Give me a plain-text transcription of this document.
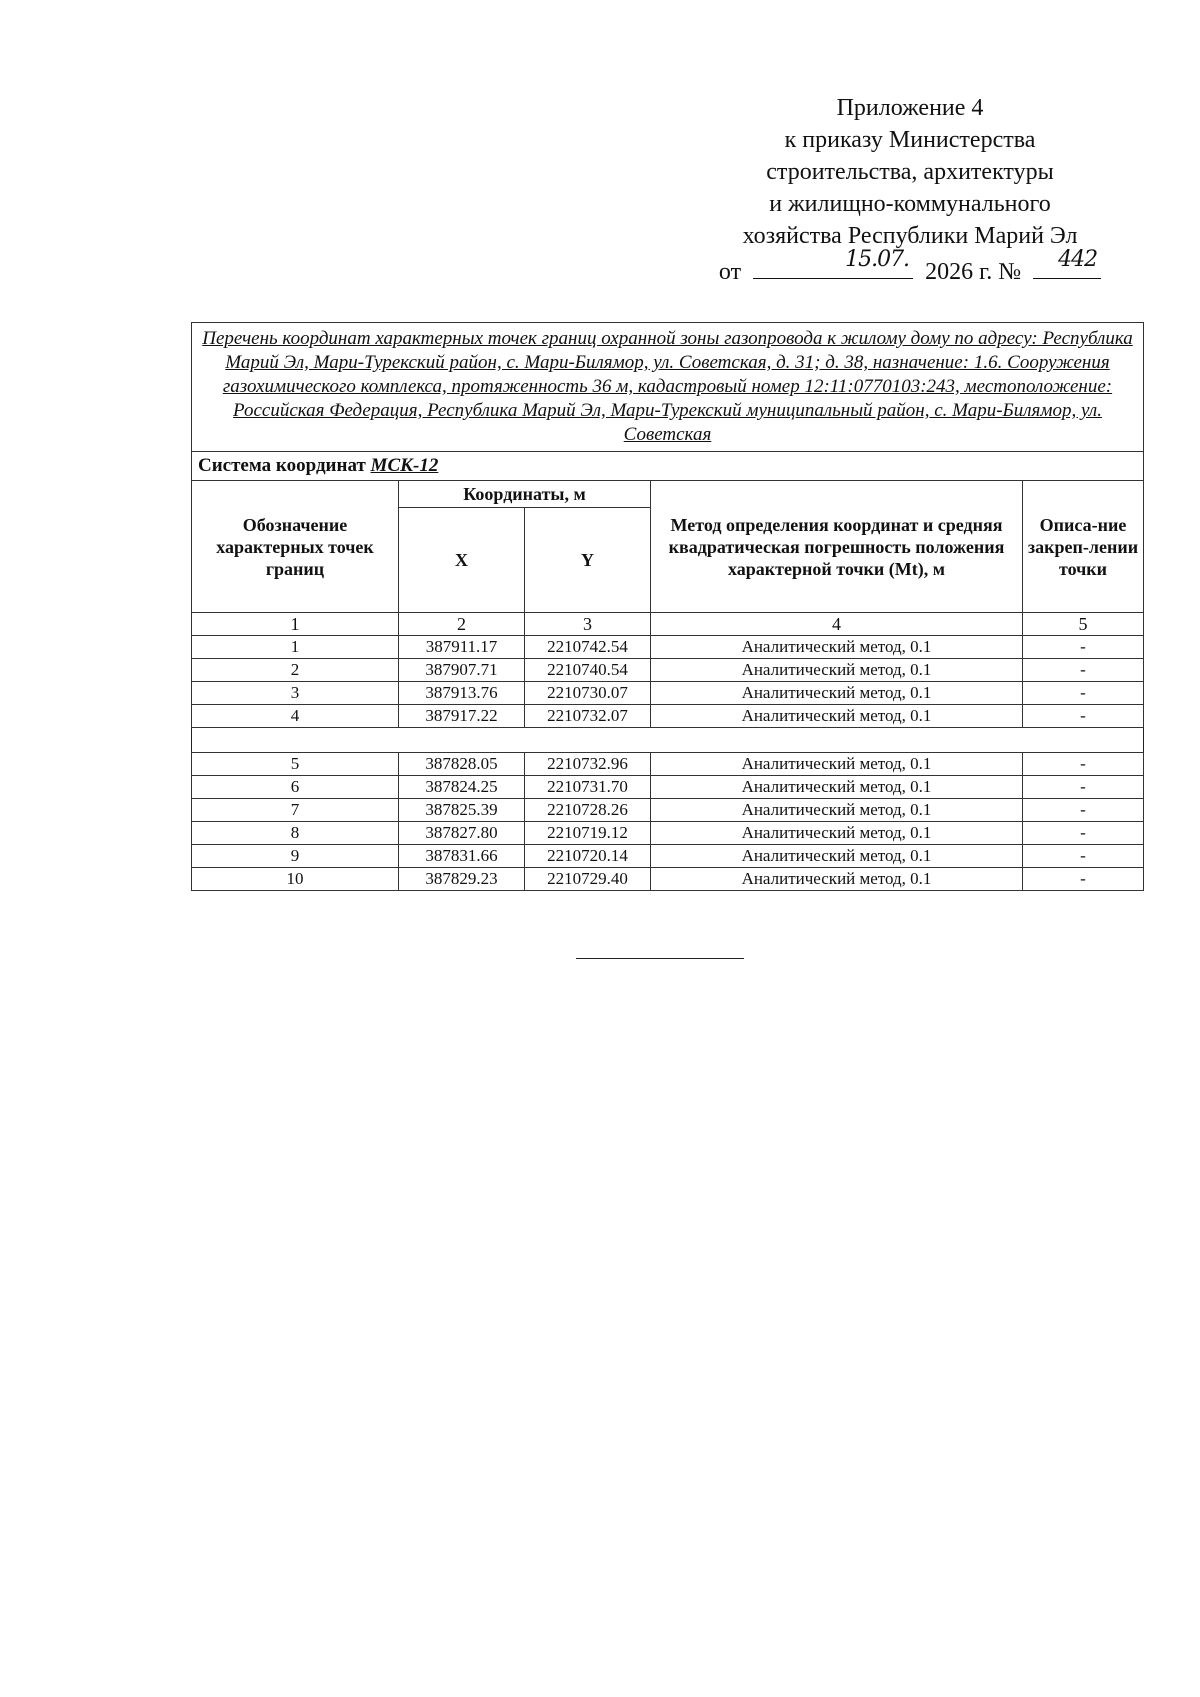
Приложение 4
к приказу Министерства
строительства, архитектуры
и жилищно-коммунального
хозяйства Республики Марий Эл
от	15.07. 2026 г. № 442
Перечень координат характерных точек границ охранной зоны газопровода к жилому дому по адресу: Республика Марий Эл, Мари-Турекский район, с. Мари-Билямор, ул. Советская, д. 31; д. 38, назначение: 1.6. Сооружения газохимического комплекса, протяженность 36 м, кадастровый номер 12:11:0770103:243, местоположение: Российская Федерация, Республика Марий Эл, Мари-Турекский муниципальный район, с. Мари-Билямор, ул. Советская				
Система координат МСК-12				
Обозначение характерных точек границ	Координаты, м		Метод определения координат и средняя квадратическая погрешность положения характерной точки (Mt), м	Описа-ние закреп-лении точки
	X	Y		
1	2	3	4	5
1	387911.17	2210742.54	Аналитический метод, 0.1	-
2	387907.71	2210740.54	Аналитический метод, 0.1	-
3	387913.76	2210730.07	Аналитический метод, 0.1	-
4	387917.22	2210732.07	Аналитический метод, 0.1	-

5	387828.05	2210732.96	Аналитический метод, 0.1	-
6	387824.25	2210731.70	Аналитический метод, 0.1	-
7	387825.39	2210728.26	Аналитический метод, 0.1	-
8	387827.80	2210719.12	Аналитический метод, 0.1	-
9	387831.66	2210720.14	Аналитический метод, 0.1	-
10	387829.23	2210729.40	Аналитический метод, 0.1	-
